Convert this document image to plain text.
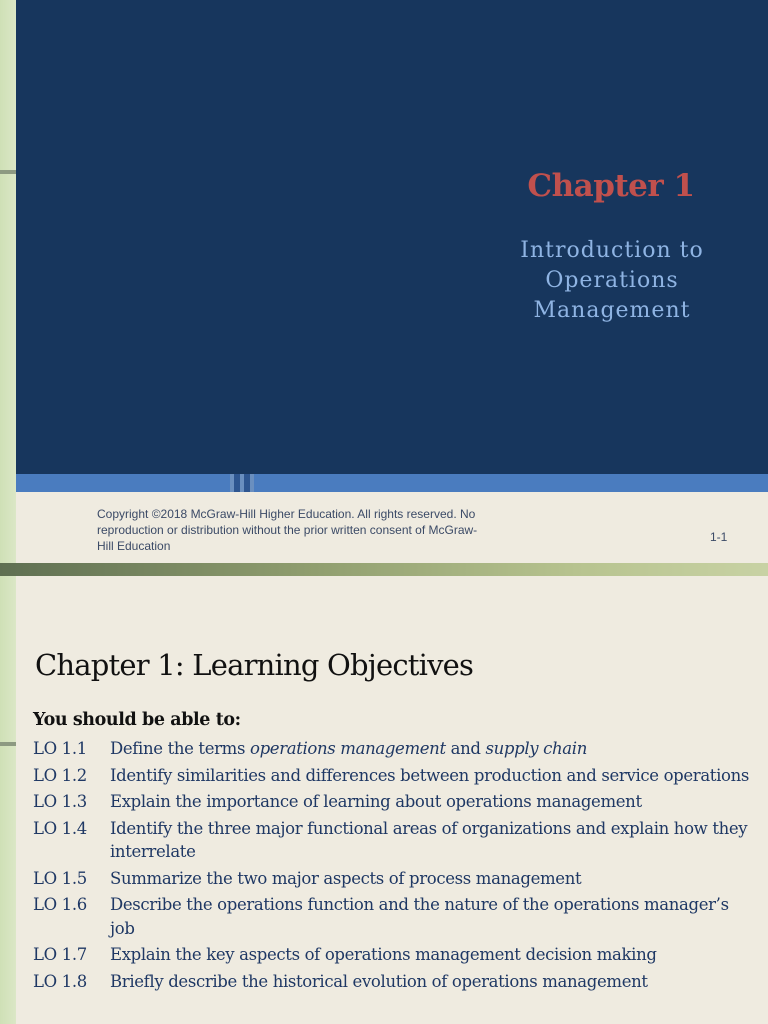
Chapter 1
Introduction to
Operations
Management
Copyright ©2018 McGraw-Hill Higher Education. All rights reserved. No
reproduction or distribution without the prior written consent of McGraw-
Hill Education
1-1
Chapter 1: Learning Objectives

You should be able to:

LO 1.1	Define the terms operations management and supply chain
LO 1.2	Identify similarities and differences between production and service operations
LO 1.3	Explain the importance of learning about operations management
LO 1.4	Identify the three major functional areas of organizations and explain how they interrelate
LO 1.5	Summarize the two major aspects of process management
LO 1.6	Describe the operations function and the nature of the operations manager’s job
LO 1.7	Explain the key aspects of operations management decision making
LO 1.8	Briefly describe the historical evolution of operations management
